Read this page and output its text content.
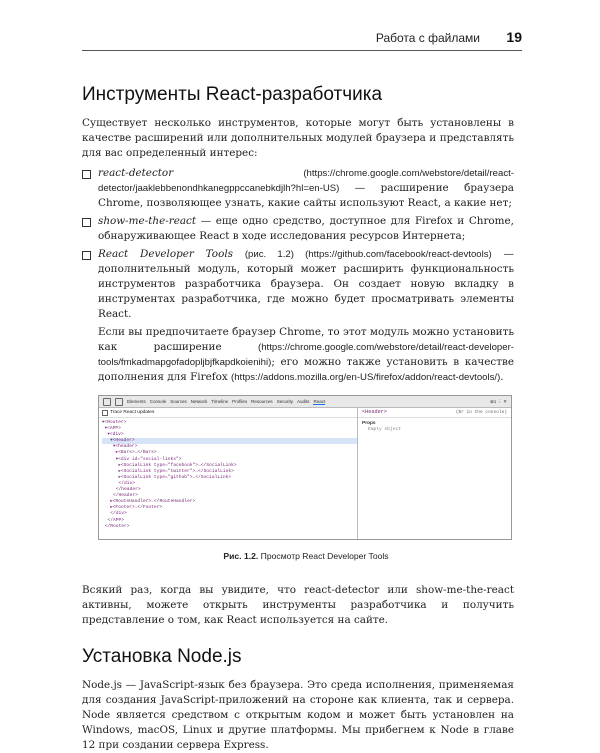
Работа с файлами 19
Инструменты React-разработчика

Существует несколько инструментов, которые могут быть установлены в качестве расширений или дополнительных модулей браузера и представлять для вас определенный интерес:

react-detector	(https://chrome.google.com/webstore/detail/react-detector/jaaklebbenondhkanegppccanebkdjlh?hl=en-US) — расширение браузера Chrome, позволяющее узнать, какие сайты используют React, а какие нет;

show-me-the-react — еще одно средство, доступное для Firefox и Chrome, обнаруживающее React в ходе исследования ресурсов Интернета;

React Developer Tools (рис. 1.2) (https://github.com/facebook/react-devtools) — дополнительный модуль, который может расширить функциональность инструментов разработчика браузера. Он создает новую вкладку в инструментах разработчика, где можно будет просматривать элементы React.

Если вы предпочитаете браузер Chrome, то этот модуль можно установить как расширение	(https://chrome.google.com/webstore/detail/react-developer-tools/fmkadmapgofadopljbjfkapdkoienihi); его можно также установить в качестве дополнения для Firefox (https://addons.mozilla.org/en-US/firefox/addon/react-devtools/).

Elements Console Sources Network Timeline Profiles Resources Security Audits React	⊗1 ⋮ ✕
Trace React updates
▾<Router>
▾<APP>
▾<div>
▾<Header>
▾<header>
▸<Bars>…</Bars>
▾<div id="social-links">
▸<SocialLink type="facebook">…</SocialLink>
▸<SocialLink type="twitter">…</SocialLink>
▸<SocialLink type="github">…</SocialLink>
</div>
</header>
</Header>
▸<RouteHandler>…</RouteHandler>
▸<Footer>…</Footer>
</div>
</APP>
</Router>
<Header>	($r in the console)
Props
Empty object
Рис. 1.2. Просмотр React Developer Tools

Всякий раз, когда вы увидите, что react-detector или show-me-the-react активны, можете открыть инструменты разработчика и получить представление о том, как React используется на сайте.

Установка Node.js

Node.js — JavaScript-язык без браузера. Это среда исполнения, применяемая для создания JavaScript-приложений на стороне как клиента, так и сервера. Node является средством с открытым кодом и может быть установлен на Windows, macOS, Linux и другие платформы. Мы прибегнем к Node в главе 12 при создании сервера Express.
